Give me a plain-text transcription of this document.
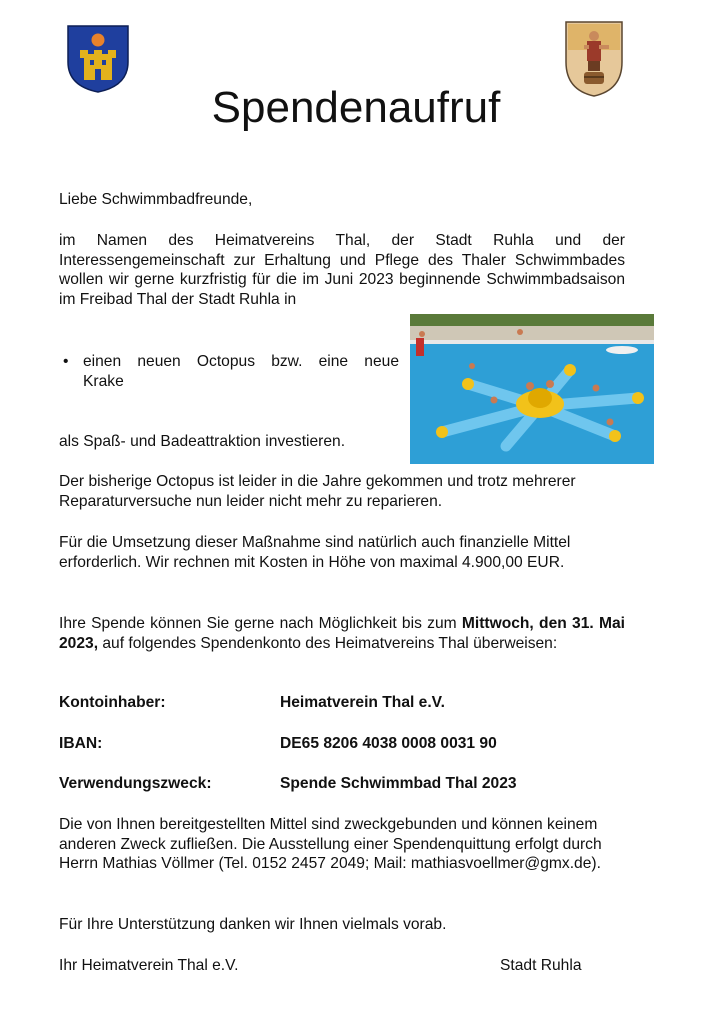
Spendenaufruf

Liebe Schwimmbadfreunde,

im Namen des Heimatvereins Thal, der Stadt Ruhla und der Interessengemeinschaft zur Erhaltung und Pflege des Thaler Schwimmbades wollen wir gerne kurzfristig für die im Juni 2023 beginnende Schwimmbadsaison im Freibad Thal der Stadt Ruhla in

• einen neuen Octopus bzw. eine neue
Krake

als Spaß- und Badeattraktion investieren.

Der bisherige Octopus ist leider in die Jahre gekommen und trotz mehrerer Reparaturversuche nun leider nicht mehr zu reparieren.

Für die Umsetzung dieser Maßnahme sind natürlich auch finanzielle Mittel erforderlich. Wir rechnen mit Kosten in Höhe von maximal 4.900,00 EUR.

Ihre Spende können Sie gerne nach Möglichkeit bis zum Mittwoch, den 31. Mai 2023, auf folgendes Spendenkonto des Heimatvereins Thal überweisen:

Kontoinhaber:	Heimatverein Thal e.V.
IBAN:	DE65 8206 4038 0008 0031 90
Verwendungszweck:	Spende Schwimmbad Thal 2023

Die von Ihnen bereitgestellten Mittel sind zweckgebunden und können keinem anderen Zweck zufließen. Die Ausstellung einer Spendenquittung erfolgt durch Herrn Mathias Völlmer (Tel. 0152 2457 2049; Mail: mathiasvoellmer@gmx.de).

Für Ihre Unterstützung danken wir Ihnen vielmals vorab.

Ihr Heimatverein Thal e.V.	Stadt Ruhla
